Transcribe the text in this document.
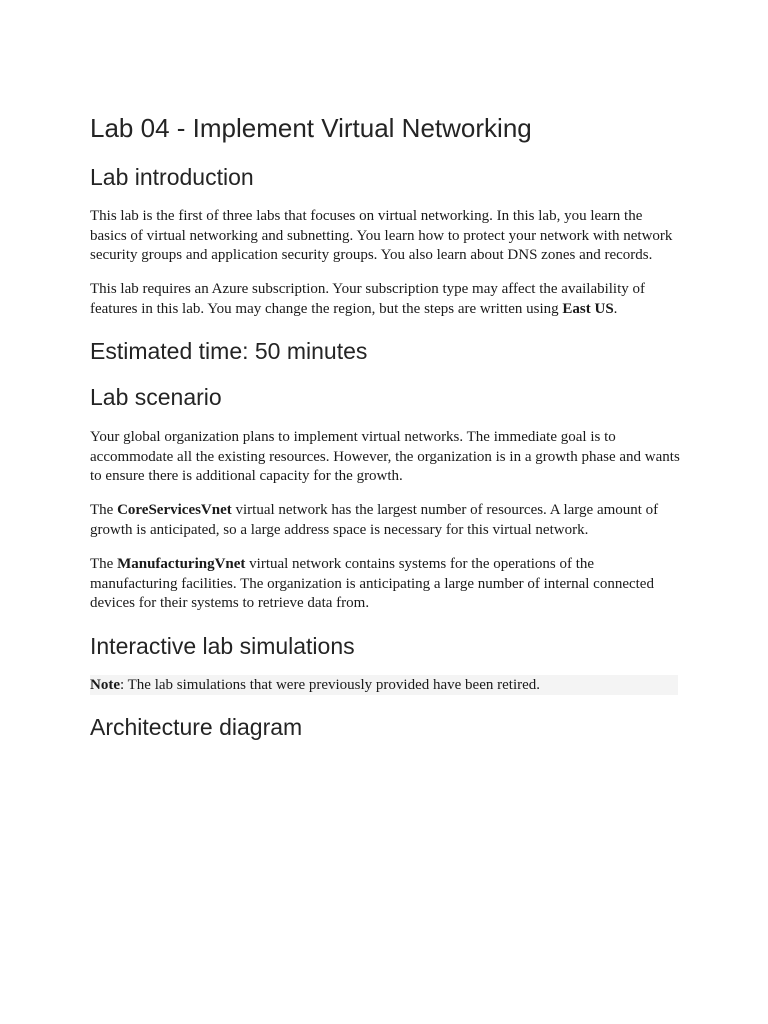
Lab 04 - Implement Virtual Networking
Lab introduction

This lab is the first of three labs that focuses on virtual networking. In this lab, you learn the basics of virtual networking and subnetting. You learn how to protect your network with network security groups and application security groups. You also learn about DNS zones and records.

This lab requires an Azure subscription. Your subscription type may affect the availability of features in this lab. You may change the region, but the steps are written using East US.

Estimated time: 50 minutes
Lab scenario

Your global organization plans to implement virtual networks. The immediate goal is to accommodate all the existing resources. However, the organization is in a growth phase and wants to ensure there is additional capacity for the growth.

The CoreServicesVnet virtual network has the largest number of resources. A large amount of growth is anticipated, so a large address space is necessary for this virtual network.

The ManufacturingVnet virtual network contains systems for the operations of the manufacturing facilities. The organization is anticipating a large number of internal connected devices for their systems to retrieve data from.

Interactive lab simulations
Note: The lab simulations that were previously provided have been retired.
Architecture diagram
